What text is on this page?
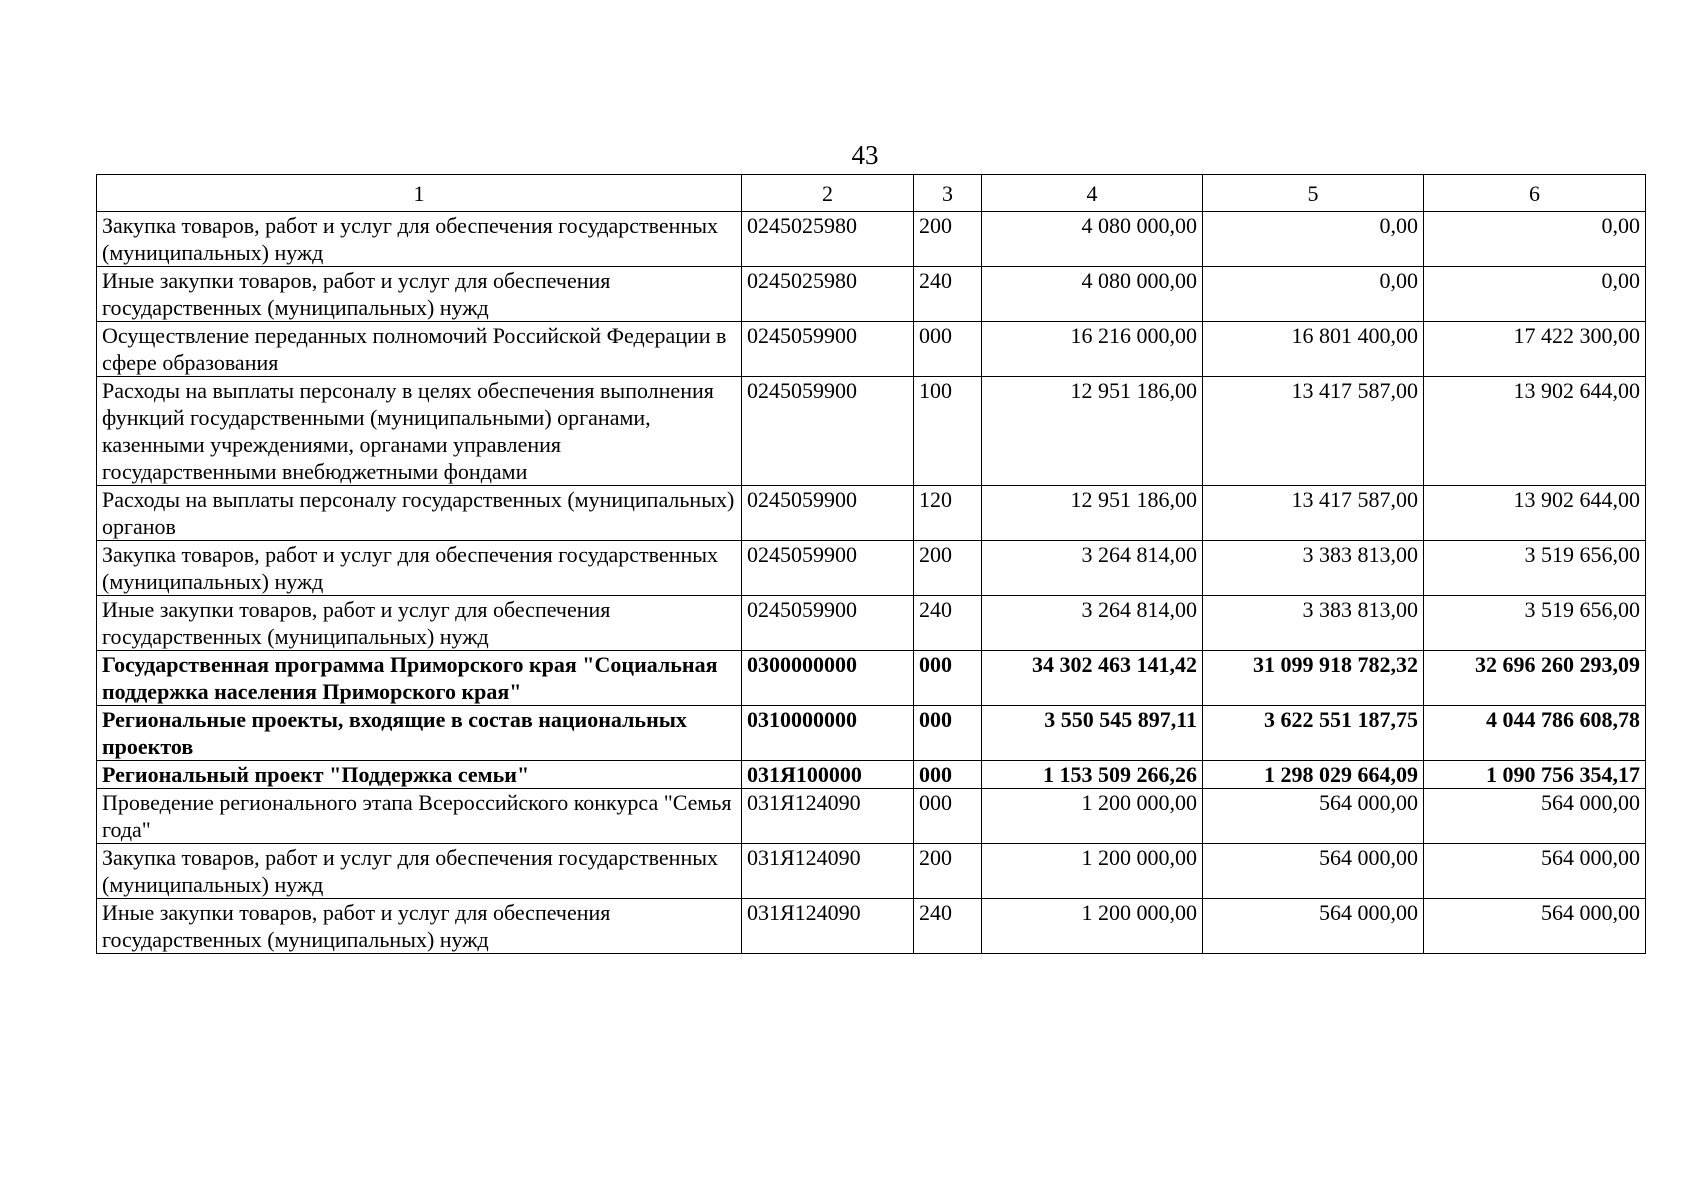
43
1	2	3	4	5	6
Закупка товаров, работ и услуг для обеспечения государственных (муниципальных) нужд	0245025980	200	4 080 000,00	0,00	0,00
Иные закупки товаров, работ и услуг для обеспечения государственных (муниципальных) нужд	0245025980	240	4 080 000,00	0,00	0,00
Осуществление переданных полномочий Российской Федерации в сфере образования	0245059900	000	16 216 000,00	16 801 400,00	17 422 300,00
Расходы на выплаты персоналу в целях обеспечения выполнения функций государственными (муниципальными) органами, казенными учреждениями, органами управления государственными внебюджетными фондами	0245059900	100	12 951 186,00	13 417 587,00	13 902 644,00
Расходы на выплаты персоналу государственных (муниципальных) органов	0245059900	120	12 951 186,00	13 417 587,00	13 902 644,00
Закупка товаров, работ и услуг для обеспечения государственных (муниципальных) нужд	0245059900	200	3 264 814,00	3 383 813,00	3 519 656,00
Иные закупки товаров, работ и услуг для обеспечения государственных (муниципальных) нужд	0245059900	240	3 264 814,00	3 383 813,00	3 519 656,00
Государственная программа Приморского края "Социальная поддержка населения Приморского края"	0300000000	000	34 302 463 141,42	31 099 918 782,32	32 696 260 293,09
Региональные проекты, входящие в состав национальных проектов	0310000000	000	3 550 545 897,11	3 622 551 187,75	4 044 786 608,78
Региональный проект "Поддержка семьи"	031Я100000	000	1 153 509 266,26	1 298 029 664,09	1 090 756 354,17
Проведение регионального этапа Всероссийского конкурса "Семья года"	031Я124090	000	1 200 000,00	564 000,00	564 000,00
Закупка товаров, работ и услуг для обеспечения государственных (муниципальных) нужд	031Я124090	200	1 200 000,00	564 000,00	564 000,00
Иные закупки товаров, работ и услуг для обеспечения государственных (муниципальных) нужд	031Я124090	240	1 200 000,00	564 000,00	564 000,00
